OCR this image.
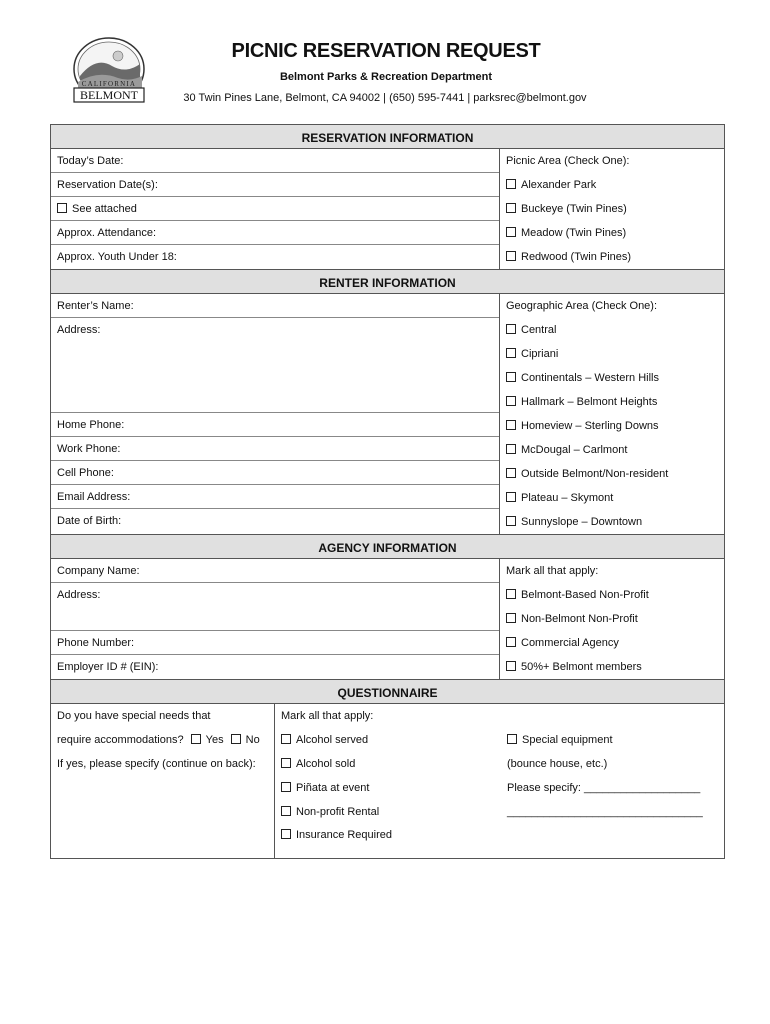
CALIFORNIA
BELMONT
PICNIC RESERVATION REQUEST
Belmont Parks & Recreation Department
30 Twin Pines Lane, Belmont, CA 94002 | (650) 595-7441 | parksrec@belmont.gov
RESERVATION INFORMATION
Today’s Date:
Reservation Date(s):
See attached
Approx. Attendance:
Approx. Youth Under 18:
Picnic Area (Check One):
Alexander Park
Buckeye (Twin Pines)
Meadow (Twin Pines)
Redwood (Twin Pines)
RENTER INFORMATION
Renter’s Name:
Address:
Home Phone:
Work Phone:
Cell Phone:
Email Address:
Date of Birth:
Geographic Area (Check One):
Central
Cipriani
Continentals – Western Hills
Hallmark – Belmont Heights
Homeview – Sterling Downs
McDougal – Carlmont
Outside Belmont/Non-resident
Plateau – Skymont
Sunnyslope – Downtown
AGENCY INFORMATION
Company Name:
Address:
Phone Number:
Employer ID # (EIN):
Mark all that apply:
Belmont-Based Non-Profit
Non-Belmont Non-Profit
Commercial Agency
50%+ Belmont members
QUESTIONNAIRE
Do you have special needs that
require accommodations? Yes No
If yes, please specify (continue on back):
Mark all that apply:
Alcohol served
Alcohol sold
Piñata at event
Non-profit Rental
Insurance Required
Special equipment
(bounce house, etc.)
Please specify: ___________________
________________________________
